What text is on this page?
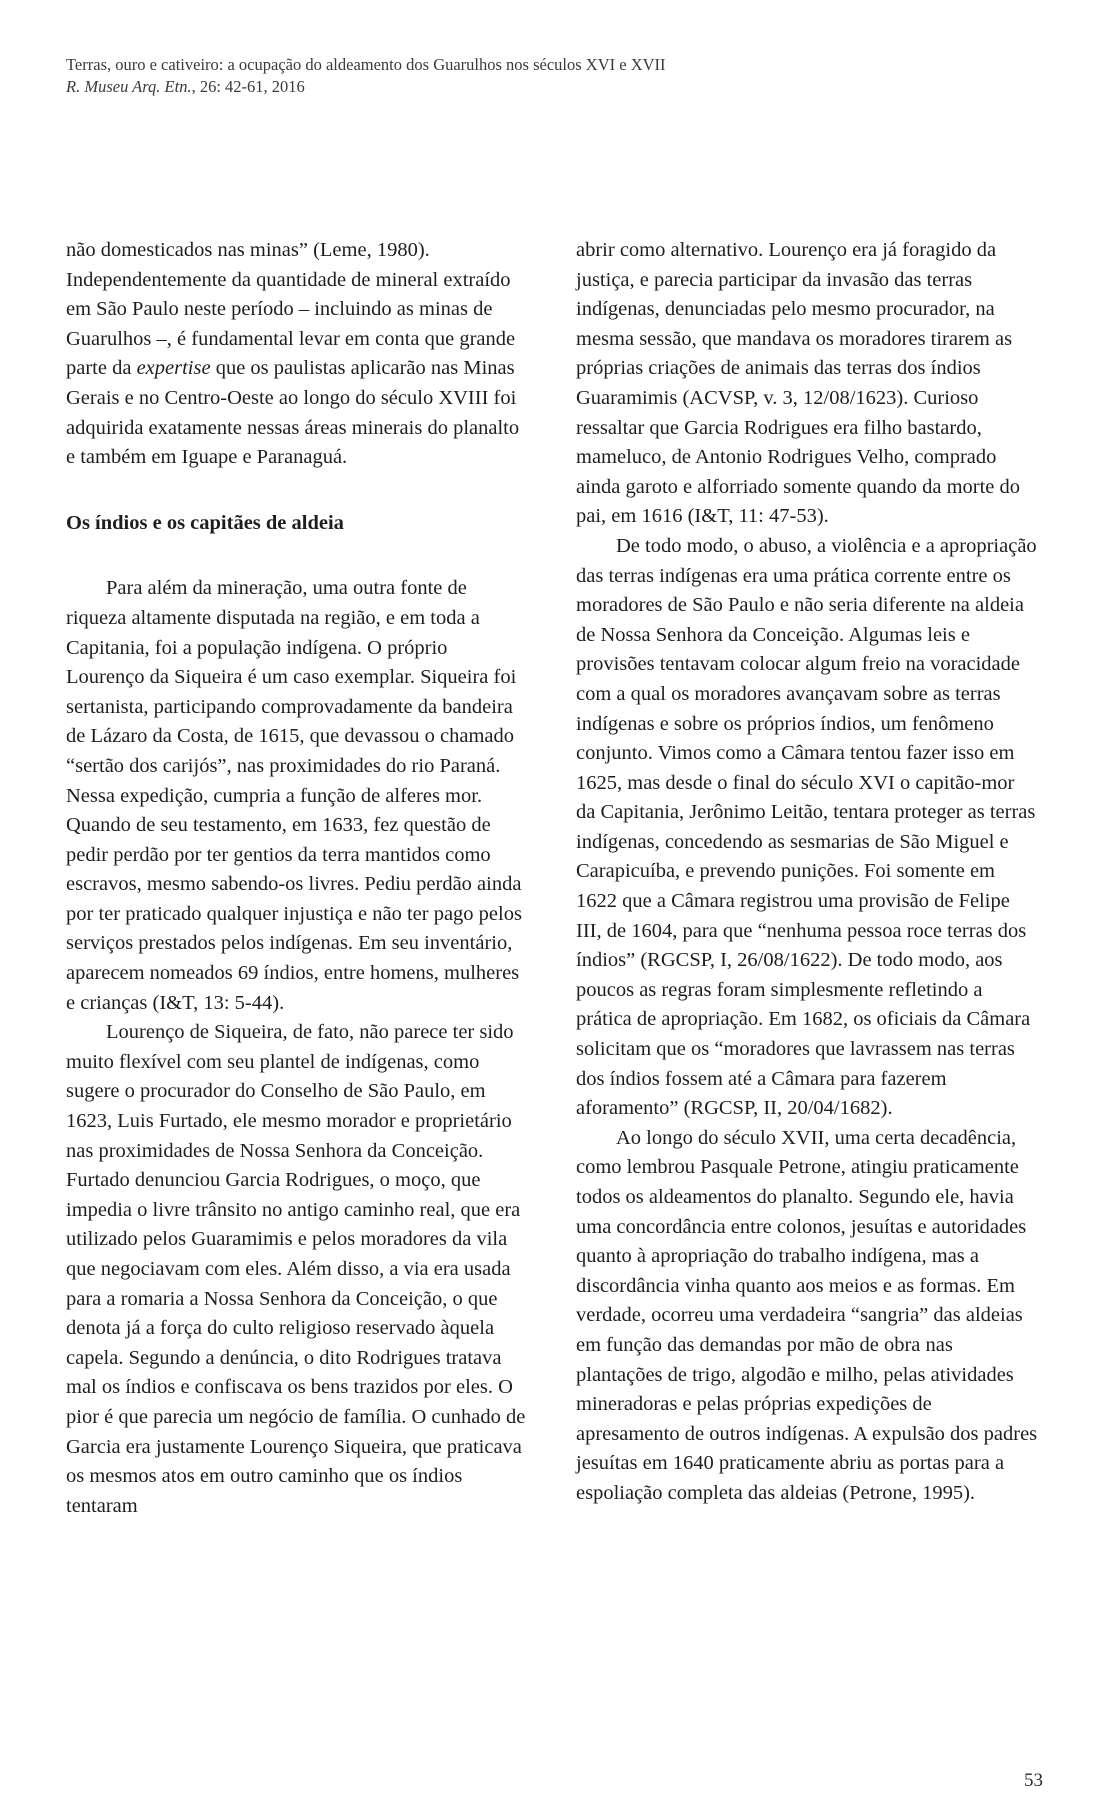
Terras, ouro e cativeiro: a ocupação do aldeamento dos Guarulhos nos séculos XVI e XVII
R. Museu Arq. Etn., 26: 42-61, 2016

não domesticados nas minas” (Leme, 1980). Independentemente da quantidade de mineral extraído em São Paulo neste período – incluindo as minas de Guarulhos –, é fundamental levar em conta que grande parte da expertise que os paulistas aplicarão nas Minas Gerais e no Centro-Oeste ao longo do século XVIII foi adquirida exatamente nessas áreas minerais do planalto e também em Iguape e Paranaguá.

Os índios e os capitães de aldeia

Para além da mineração, uma outra fonte de riqueza altamente disputada na região, e em toda a Capitania, foi a população indígena. O próprio Lourenço da Siqueira é um caso exemplar. Siqueira foi sertanista, participando comprovadamente da bandeira de Lázaro da Costa, de 1615, que devassou o chamado “sertão dos carijós”, nas proximidades do rio Paraná. Nessa expedição, cumpria a função de alferes mor. Quando de seu testamento, em 1633, fez questão de pedir perdão por ter gentios da terra mantidos como escravos, mesmo sabendo-os livres. Pediu perdão ainda por ter praticado qualquer injustiça e não ter pago pelos serviços prestados pelos indígenas. Em seu inventário, aparecem nomeados 69 índios, entre homens, mulheres e crianças (I&T, 13: 5-44).

Lourenço de Siqueira, de fato, não parece ter sido muito flexível com seu plantel de indígenas, como sugere o procurador do Conselho de São Paulo, em 1623, Luis Furtado, ele mesmo morador e proprietário nas proximidades de Nossa Senhora da Conceição. Furtado denunciou Garcia Rodrigues, o moço, que impedia o livre trânsito no antigo caminho real, que era utilizado pelos Guaramimis e pelos moradores da vila que negociavam com eles. Além disso, a via era usada para a romaria a Nossa Senhora da Conceição, o que denota já a força do culto religioso reservado àquela capela. Segundo a denúncia, o dito Rodrigues tratava mal os índios e confiscava os bens trazidos por eles. O pior é que parecia um negócio de família. O cunhado de Garcia era justamente Lourenço Siqueira, que praticava os mesmos atos em outro caminho que os índios tentaram

abrir como alternativo. Lourenço era já foragido da justiça, e parecia participar da invasão das terras indígenas, denunciadas pelo mesmo procurador, na mesma sessão, que mandava os moradores tirarem as próprias criações de animais das terras dos índios Guaramimis (ACVSP, v. 3, 12/08/1623). Curioso ressaltar que Garcia Rodrigues era filho bastardo, mameluco, de Antonio Rodrigues Velho, comprado ainda garoto e alforriado somente quando da morte do pai, em 1616 (I&T, 11: 47-53).

De todo modo, o abuso, a violência e a apropriação das terras indígenas era uma prática corrente entre os moradores de São Paulo e não seria diferente na aldeia de Nossa Senhora da Conceição. Algumas leis e provisões tentavam colocar algum freio na voracidade com a qual os moradores avançavam sobre as terras indígenas e sobre os próprios índios, um fenômeno conjunto. Vimos como a Câmara tentou fazer isso em 1625, mas desde o final do século XVI o capitão-mor da Capitania, Jerônimo Leitão, tentara proteger as terras indígenas, concedendo as sesmarias de São Miguel e Carapicuíba, e prevendo punições. Foi somente em 1622 que a Câmara registrou uma provisão de Felipe III, de 1604, para que “nenhuma pessoa roce terras dos índios” (RGCSP, I, 26/08/1622). De todo modo, aos poucos as regras foram simplesmente refletindo a prática de apropriação. Em 1682, os oficiais da Câmara solicitam que os “moradores que lavrassem nas terras dos índios fossem até a Câmara para fazerem aforamento” (RGCSP, II, 20/04/1682).

Ao longo do século XVII, uma certa decadência, como lembrou Pasquale Petrone, atingiu praticamente todos os aldeamentos do planalto. Segundo ele, havia uma concordância entre colonos, jesuítas e autoridades quanto à apropriação do trabalho indígena, mas a discordância vinha quanto aos meios e as formas. Em verdade, ocorreu uma verdadeira “sangria” das aldeias em função das demandas por mão de obra nas plantações de trigo, algodão e milho, pelas atividades mineradoras e pelas próprias expedições de apresamento de outros indígenas. A expulsão dos padres jesuítas em 1640 praticamente abriu as portas para a espoliação completa das aldeias (Petrone, 1995).

53
